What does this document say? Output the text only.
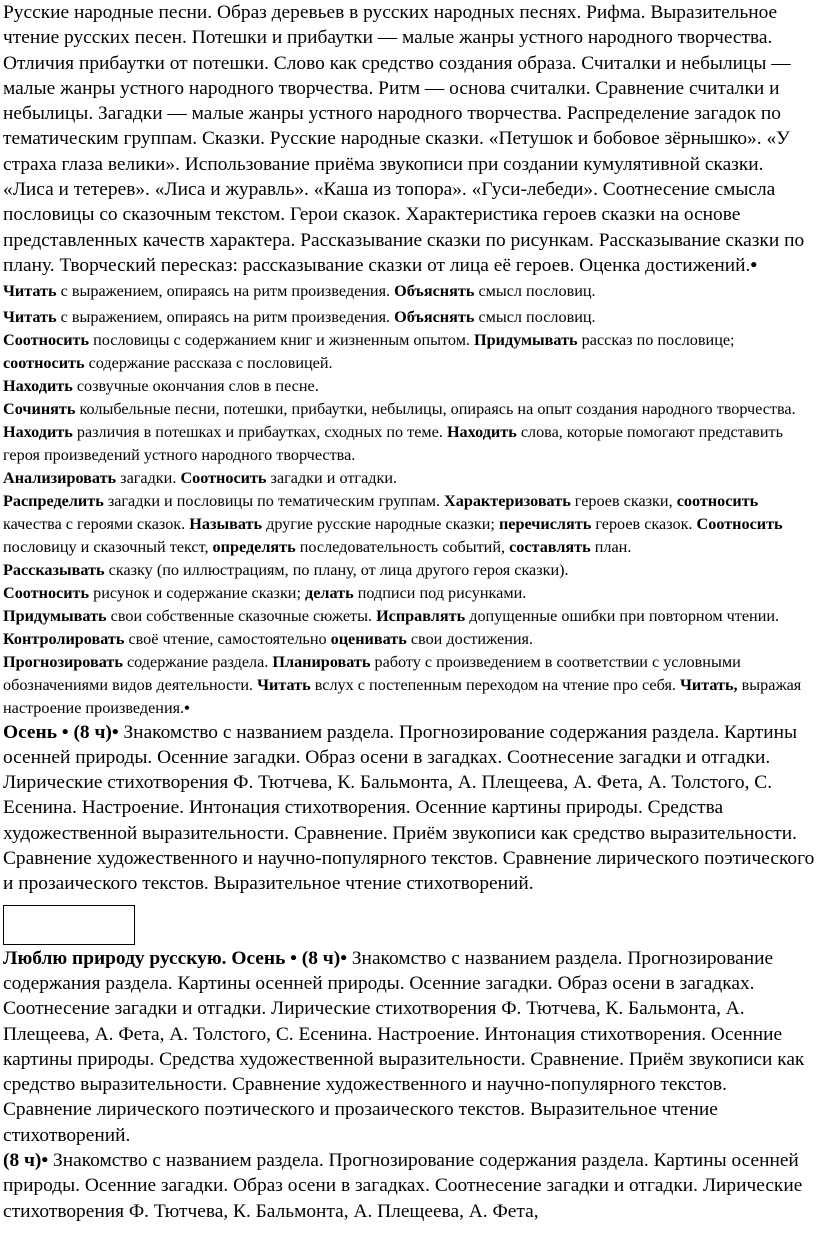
Русские народные песни. Образ деревьев в русских народных песнях. Рифма. Выразительное чтение русских песен. Потешки и прибаутки — малые жанры устного народного творчества. Отличия прибаутки от потешки. Слово как средство создания образа. Считалки и небылицы — малые жанры устного народного творчества. Ритм — основа считалки. Сравнение считалки и небылицы. Загадки — малые жанры устного народного творчества. Распределение загадок по тематическим группам. Сказки. Русские народные сказки. «Петушок и бобовое зёрнышко». «У страха глаза велики». Использование приёма звукописи при создании кумулятивной сказки. «Лиса и тетерев». «Лиса и журавль». «Каша из топора». «Гуси-лебеди». Соотнесение смысла пословицы со сказочным текстом. Герои сказок. Характеристика героев сказки на основе представленных качеств характера. Рассказывание сказки по рисункам. Рассказывание сказки по плану. Творческий пересказ: рассказывание сказки от лица её героев. Оценка достижений.• Читать с выражением, опираясь на ритм произведения. Объяснять смысл пословиц.

Читать с выражением, опираясь на ритм произведения. Объяснять смысл пословиц.

Соотносить пословицы с содержанием книг и жизненным опытом. Придумывать рассказ по пословице; соотносить содержание рассказа с пословицей.

Находить созвучные окончания слов в песне.

Сочинять колыбельные песни, потешки, прибаутки, небылицы, опираясь на опыт создания народного творчества. Находить различия в потешках и прибаутках, сходных по теме. Находить слова, которые помогают представить героя произведений устного народного творчества.

Анализировать загадки. Соотносить загадки и отгадки.

Распределить загадки и пословицы по тематическим группам. Характеризовать героев сказки, соотносить качества с героями сказок. Называть другие русские народные сказки; перечислять героев сказок. Соотносить пословицу и сказочный текст, определять последовательность событий, составлять план.

Рассказывать сказку (по иллюстрациям, по плану, от лица другого героя сказки).

Соотносить рисунок и содержание сказки; делать подписи под рисунками.

Придумывать свои собственные сказочные сюжеты. Исправлять допущенные ошибки при повторном чтении. Контролировать своё чтение, самостоятельно оценивать свои достижения.

Прогнозировать содержание раздела. Планировать работу с произведением в соответствии с условными обозначениями видов деятельности. Читать вслух с постепенным переходом на чтение про себя. Читать, выражая настроение произведения.•

Осень • (8 ч)• Знакомство с названием раздела. Прогнозирование содержания раздела. Картины осенней природы. Осенние загадки. Образ осени в загадках. Соотнесение загадки и отгадки. Лирические стихотворения Ф. Тютчева, К. Бальмонта, А. Плещеева, А. Фета, А. Толстого, С. Есенина. Настроение. Интонация стихотворения. Осенние картины природы. Средства художественной выразительности. Сравнение. Приём звукописи как средство выразительности. Сравнение художественного и научно-популярного текстов. Сравнение лирического поэтического и прозаического текстов. Выразительное чтение стихотворений.

Люблю природу русскую. Осень • (8 ч)• Знакомство с названием раздела. Прогнозирование содержания раздела. Картины осенней природы. Осенние загадки. Образ осени в загадках. Соотнесение загадки и отгадки. Лирические стихотворения Ф. Тютчева, К. Бальмонта, А. Плещеева, А. Фета, А. Толстого, С. Есенина. Настроение. Интонация стихотворения. Осенние картины природы. Средства художественной выразительности. Сравнение. Приём звукописи как средство выразительности. Сравнение художественного и научно-популярного текстов. Сравнение лирического поэтического и прозаического текстов. Выразительное чтение стихотворений.

(8 ч)• Знакомство с названием раздела. Прогнозирование содержания раздела. Картины осенней природы. Осенние загадки. Образ осени в загадках. Соотнесение загадки и отгадки. Лирические стихотворения Ф. Тютчева, К. Бальмонта, А. Плещеева, А. Фета,
